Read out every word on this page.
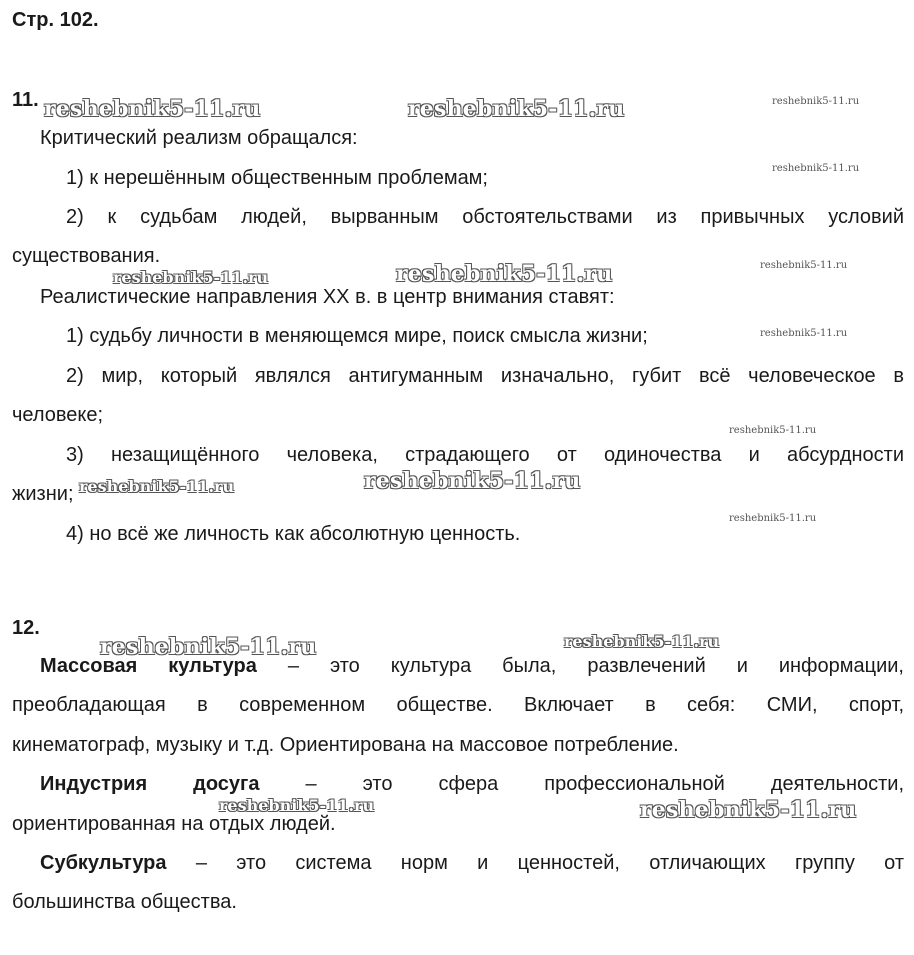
Стр. 102.
11.
Критический реализм обращался:
1) к нерешённым общественным проблемам;
2) к судьбам людей, вырванным обстоятельствами из привычных условий
существования.
Реалистические направления XX в. в центр внимания ставят:
1) судьбу личности в меняющемся мире, поиск смысла жизни;
2) мир, который являлся антигуманным изначально, губит всё человеческое в
человеке;
3) незащищённого человека, страдающего от одиночества и абсурдности
жизни;
4) но всё же личность как абсолютную ценность.
12.
Массовая культура – это культура была, развлечений и информации,
преобладающая в современном обществе. Включает в себя: СМИ, спорт,
кинематограф, музыку и т.д. Ориентирована на массовое потребление.
Индустрия досуга – это сфера профессиональной деятельности,
ориентированная на отдых людей.
Субкультура – это система норм и ценностей, отличающих группу от
большинства общества.
reshebnik5-11.ru	reshebnik5-11.ru	reshebnik5-11.ru
reshebnik5-11.ru
reshebnik5-11.ru	reshebnik5-11.ru	reshebnik5-11.ru
reshebnik5-11.ru
reshebnik5-11.ru
reshebnik5-11.ru	reshebnik5-11.ru
reshebnik5-11.ru
reshebnik5-11.ru	reshebnik5-11.ru
reshebnik5-11.ru	reshebnik5-11.ru
